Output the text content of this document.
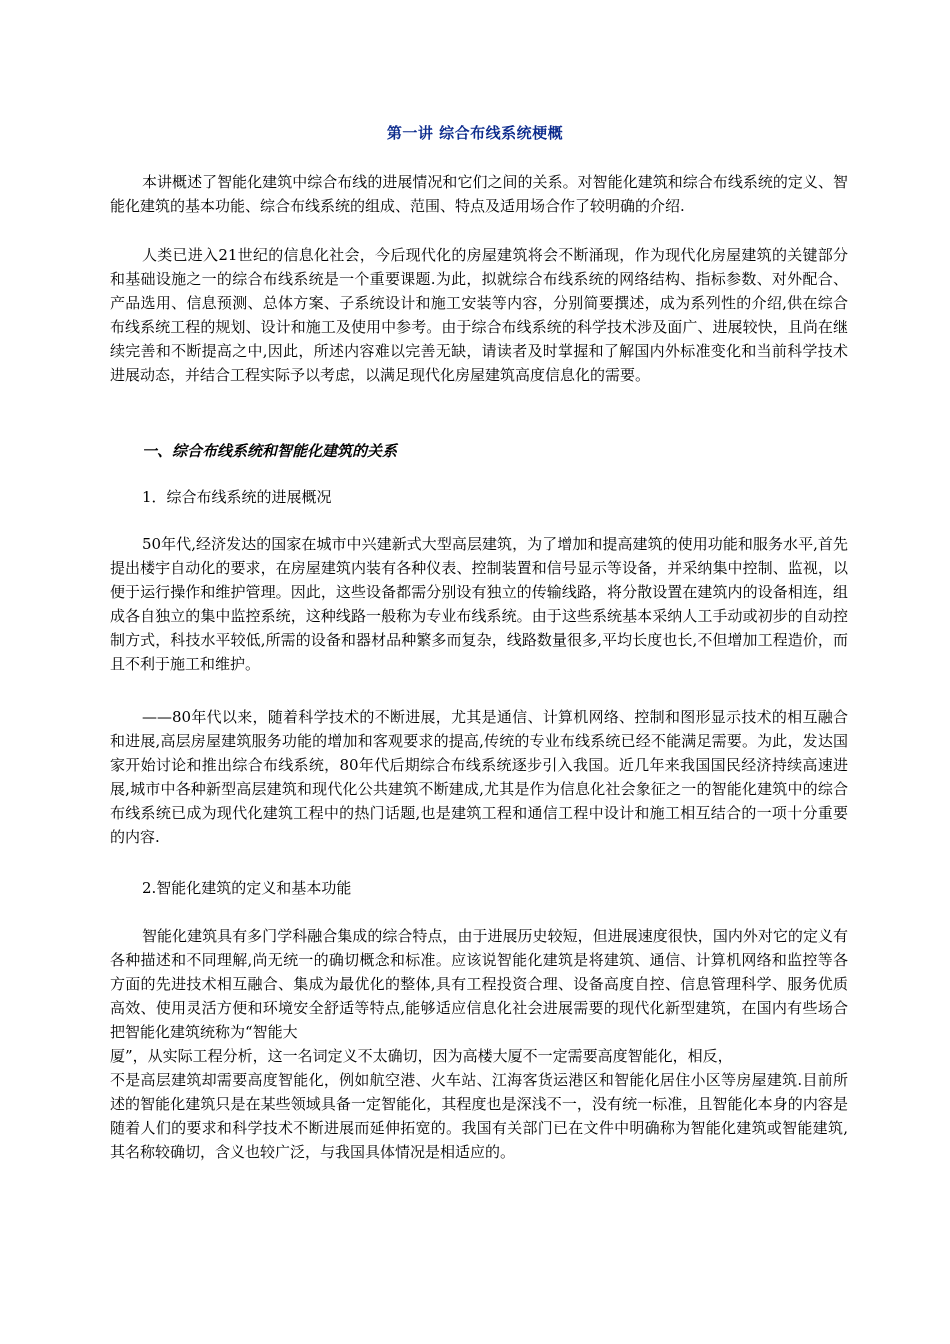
第一讲 综合布线系统梗概

本讲概述了智能化建筑中综合布线的进展情况和它们之间的关系。对智能化建筑和综合布线系统的定义、智能化建筑的基本功能、综合布线系统的组成、范围、特点及适用场合作了较明确的介绍.

人类已进入21世纪的信息化社会，今后现代化的房屋建筑将会不断涌现，作为现代化房屋建筑的关键部分和基础设施之一的综合布线系统是一个重要课题.为此，拟就综合布线系统的网络结构、指标参数、对外配合、产品选用、信息预测、总体方案、子系统设计和施工安装等内容，分别简要撰述，成为系列性的介绍,供在综合布线系统工程的规划、设计和施工及使用中参考。由于综合布线系统的科学技术涉及面广、进展较快，且尚在继续完善和不断提高之中,因此，所述内容难以完善无缺，请读者及时掌握和了解国内外标准变化和当前科学技术进展动态，并结合工程实际予以考虑，以满足现代化房屋建筑高度信息化的需要。

一、综合布线系统和智能化建筑的关系
1．综合布线系统的进展概况

50年代,经济发达的国家在城市中兴建新式大型高层建筑，为了增加和提高建筑的使用功能和服务水平,首先提出楼宇自动化的要求，在房屋建筑内装有各种仪表、控制装置和信号显示等设备，并采纳集中控制、监视，以便于运行操作和维护管理。因此，这些设备都需分别设有独立的传输线路，将分散设置在建筑内的设备相连，组成各自独立的集中监控系统，这种线路一般称为专业布线系统。由于这些系统基本采纳人工手动或初步的自动控制方式，科技水平较低,所需的设备和器材品种繁多而复杂，线路数量很多,平均长度也长,不但增加工程造价，而且不利于施工和维护。

——80年代以来，随着科学技术的不断进展，尤其是通信、计算机网络、控制和图形显示技术的相互融合和进展,高层房屋建筑服务功能的增加和客观要求的提高,传统的专业布线系统已经不能满足需要。为此，发达国家开始讨论和推出综合布线系统，80年代后期综合布线系统逐步引入我国。近几年来我国国民经济持续高速进展,城市中各种新型高层建筑和现代化公共建筑不断建成,尤其是作为信息化社会象征之一的智能化建筑中的综合布线系统已成为现代化建筑工程中的热门话题,也是建筑工程和通信工程中设计和施工相互结合的一项十分重要的内容.

2.智能化建筑的定义和基本功能

智能化建筑具有多门学科融合集成的综合特点，由于进展历史较短，但进展速度很快，国内外对它的定义有各种描述和不同理解,尚无统一的确切概念和标准。应该说智能化建筑是将建筑、通信、计算机网络和监控等各方面的先进技术相互融合、集成为最优化的整体,具有工程投资合理、设备高度自控、信息管理科学、服务优质高效、使用灵活方便和环境安全舒适等特点,能够适应信息化社会进展需要的现代化新型建筑，在国内有些场合把智能化建筑统称为“智能大

厦”，从实际工程分析，这一名词定义不太确切，因为高楼大厦不一定需要高度智能化，相反，

不是高层建筑却需要高度智能化，例如航空港、火车站、江海客货运港区和智能化居住小区等房屋建筑.目前所述的智能化建筑只是在某些领域具备一定智能化，其程度也是深浅不一，没有统一标准，且智能化本身的内容是随着人们的要求和科学技术不断进展而延伸拓宽的。我国有关部门已在文件中明确称为智能化建筑或智能建筑,其名称较确切，含义也较广泛，与我国具体情况是相适应的。
